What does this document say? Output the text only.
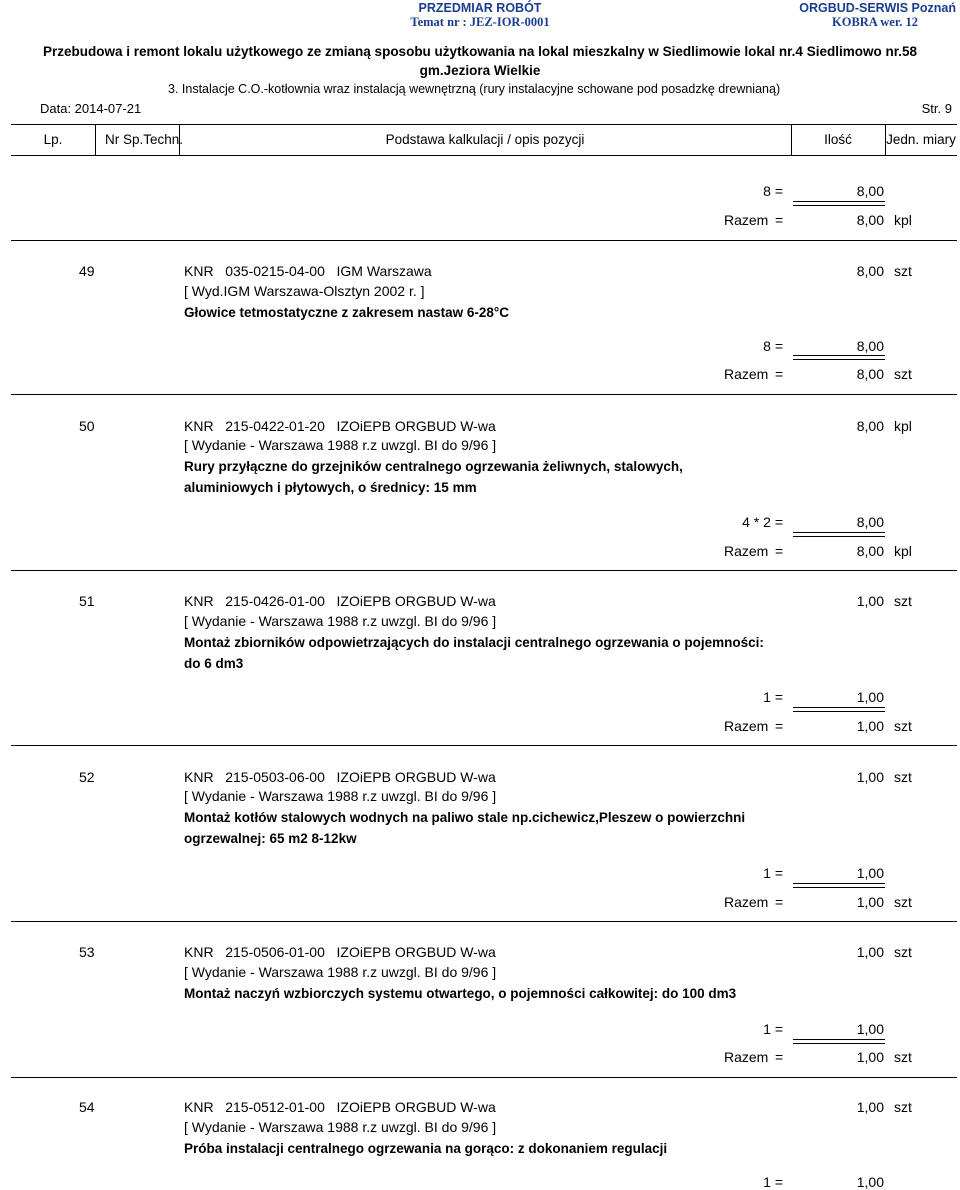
PRZEDMIAR ROBÓT	ORGBUD-SERWIS Poznań
Temat nr : JEZ-IOR-0001	KOBRA wer. 12
Przebudowa i remont lokalu użytkowego ze zmianą sposobu użytkowania na lokal mieszkalny w Siedlimowie lokal nr.4 Siedlimowo nr.58
gm.Jeziora Wielkie
3. Instalacje C.O.-kotłownia wraz instalacją wewnętrzną (rury instalacyjne schowane pod posadzkę drewnianą)
Data: 2014-07-21	Str. 9
Lp.	Nr Sp.Techn.	Podstawa kalkulacji / opis pozycji	Ilość	Jedn. miary
8 =	8,00
Razem =	8,00 kpl
49	KNR   035-0215-04-00   IGM Warszawa
[ Wyd.IGM Warszawa-Olsztyn 2002 r. ]
Głowice tetmostatyczne z zakresem nastaw 6-28°C
8,00 szt
8 =	8,00
Razem =	8,00 szt
50	KNR   215-0422-01-20   IZOiEPB ORGBUD W-wa
[ Wydanie - Warszawa 1988 r.z uwzgl. BI do 9/96 ]
Rury przyłączne do grzejników centralnego ogrzewania żeliwnych, stalowych, aluminiowych i płytowych, o średnicy: 15 mm
8,00 kpl
4 * 2 =	8,00
Razem =	8,00 kpl
51	KNR   215-0426-01-00   IZOiEPB ORGBUD W-wa
[ Wydanie - Warszawa 1988 r.z uwzgl. BI do 9/96 ]
Montaż zbiorników odpowietrzających do instalacji centralnego ogrzewania o pojemności: do 6 dm3
1,00 szt
1 =	1,00
Razem =	1,00 szt
52	KNR   215-0503-06-00   IZOiEPB ORGBUD W-wa
[ Wydanie - Warszawa 1988 r.z uwzgl. BI do 9/96 ]
Montaż kotłów stalowych wodnych na paliwo stale np.cichewicz,Pleszew o powierzchni ogrzewalnej: 65 m2 8-12kw
1,00 szt
1 =	1,00
Razem =	1,00 szt
53	KNR   215-0506-01-00   IZOiEPB ORGBUD W-wa
[ Wydanie - Warszawa 1988 r.z uwzgl. BI do 9/96 ]
Montaż naczyń wzbiorczych systemu otwartego, o pojemności całkowitej: do 100 dm3
1,00 szt
1 =	1,00
Razem =	1,00 szt
54	KNR   215-0512-01-00   IZOiEPB ORGBUD W-wa
[ Wydanie - Warszawa 1988 r.z uwzgl. BI do 9/96 ]
Próba instalacji centralnego ogrzewania na gorąco: z dokonaniem regulacji
1,00 szt
1 =	1,00
